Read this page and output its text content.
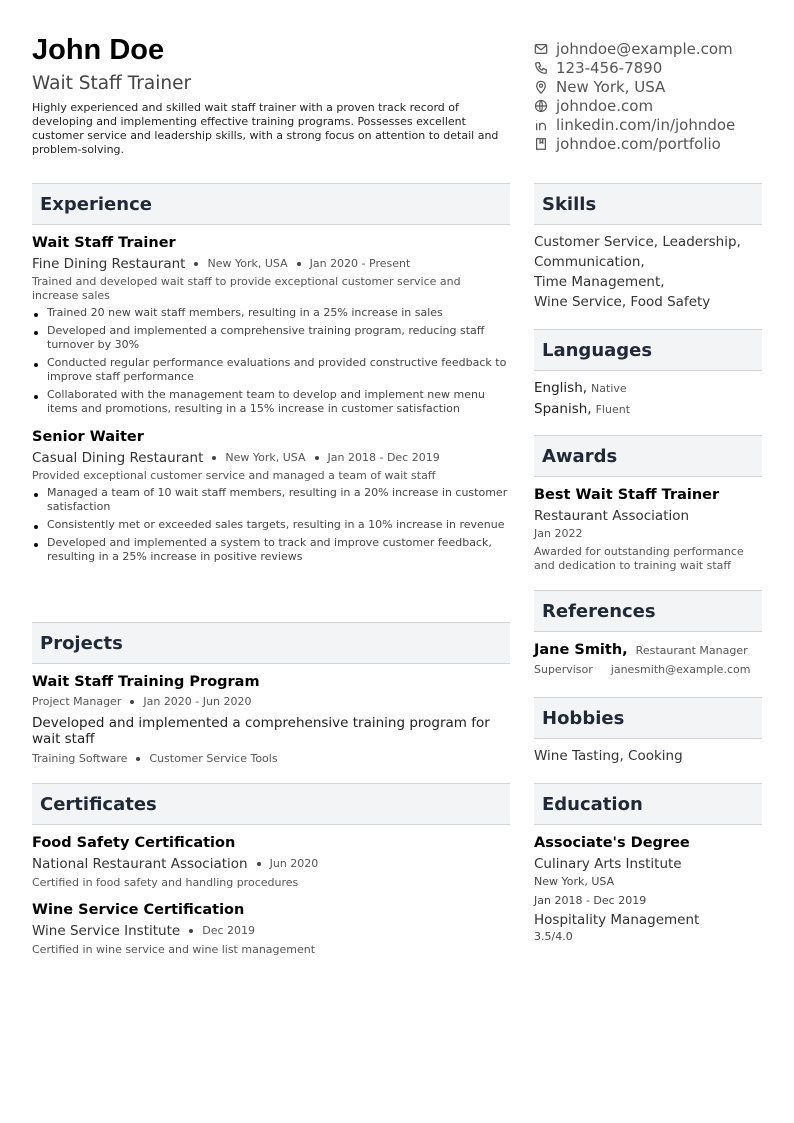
John Doe
Wait Staff Trainer
Highly experienced and skilled wait staff trainer with a proven track record of developing and implementing effective training programs. Possesses excellent customer service and leadership skills, with a strong focus on attention to detail and problem-solving.
johndoe@example.com
123-456-7890
New York, USA
johndoe.com
linkedin.com/in/johndoe
johndoe.com/portfolio
Experience
Wait Staff Trainer
Fine Dining Restaurant New York, USA Jan 2020 - Present
Trained and developed wait staff to provide exceptional customer service and increase sales
Trained 20 new wait staff members, resulting in a 25% increase in sales
Developed and implemented a comprehensive training program, reducing staff turnover by 30%
Conducted regular performance evaluations and provided constructive feedback to improve staff performance
Collaborated with the management team to develop and implement new menu items and promotions, resulting in a 15% increase in customer satisfaction
Senior Waiter
Casual Dining Restaurant New York, USA Jan 2018 - Dec 2019
Provided exceptional customer service and managed a team of wait staff
Managed a team of 10 wait staff members, resulting in a 20% increase in customer satisfaction
Consistently met or exceeded sales targets, resulting in a 10% increase in revenue
Developed and implemented a system to track and improve customer feedback, resulting in a 25% increase in positive reviews
Projects
Wait Staff Training Program
Project Manager Jan 2020 - Jun 2020
Developed and implemented a comprehensive training program for wait staff
Training Software Customer Service Tools
Certificates
Food Safety Certification
National Restaurant Association Jun 2020
Certified in food safety and handling procedures
Wine Service Certification
Wine Service Institute Dec 2019
Certified in wine service and wine list management
Skills
Customer Service, Leadership,
Communication,
Time Management,
Wine Service, Food Safety
Languages
English, Native
Spanish, Fluent
Awards
Best Wait Staff Trainer
Restaurant Association
Jan 2022
Awarded for outstanding performance and dedication to training wait staff
References
Jane Smith, Restaurant Manager
Supervisor janesmith@example.com
Hobbies
Wine Tasting, Cooking
Education
Associate's Degree
Culinary Arts Institute
New York, USA
Jan 2018 - Dec 2019
Hospitality Management
3.5/4.0
